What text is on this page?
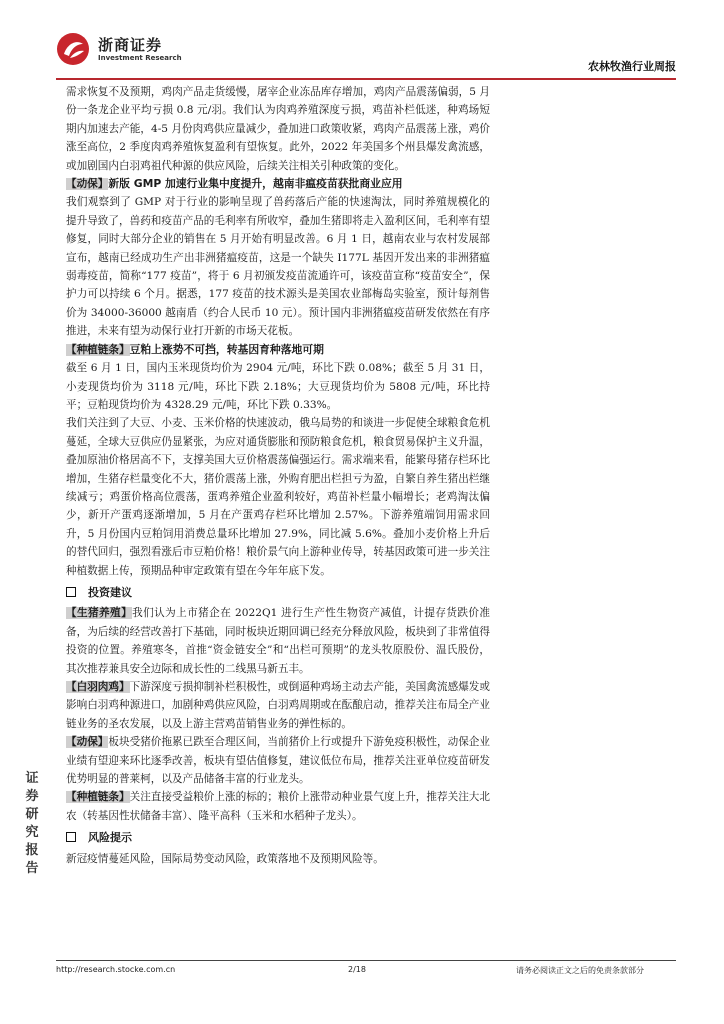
浙商证券
Investment Research
农林牧渔行业周报

需求恢复不及预期，鸡肉产品走货缓慢，屠宰企业冻品库存增加，鸡肉产品震荡偏弱，5 月份一条龙企业平均亏损 0.8 元/羽。我们认为肉鸡养殖深度亏损，鸡苗补栏低迷，种鸡场短期内加速去产能，4-5 月份肉鸡供应量减少，叠加进口政策收紧，鸡肉产品震荡上涨，鸡价涨至高位，2 季度肉鸡养殖恢复盈利有望恢复。此外，2022 年美国多个州县爆发禽流感，或加剧国内白羽鸡祖代种源的供应风险，后续关注相关引种政策的变化。

【动保】新版 GMP 加速行业集中度提升，越南非瘟疫苗获批商业应用

我们观察到了 GMP 对于行业的影响呈现了兽药落后产能的快速淘汰，同时养殖规模化的提升导致了，兽药和疫苗产品的毛利率有所收窄，叠加生猪即将走入盈利区间，毛利率有望修复，同时大部分企业的销售在 5 月开始有明显改善。6 月 1 日，越南农业与农村发展部宣布，越南已经成功生产出非洲猪瘟疫苗，这是一个缺失 I177L 基因开发出来的非洲猪瘟弱毒疫苗，简称“177 疫苗”，将于 6 月初颁发疫苗流通许可，该疫苗宣称“疫苗安全”，保护力可以持续 6 个月。据悉，177 疫苗的技术源头是美国农业部梅岛实验室，预计每剂售价为 34000-36000 越南盾（约合人民币 10 元）。预计国内非洲猪瘟疫苗研发依然在有序推进，未来有望为动保行业打开新的市场天花板。

【种植链条】豆粕上涨势不可挡，转基因育种落地可期

截至 6 月 1 日，国内玉米现货均价为 2904 元/吨，环比下跌 0.08%；截至 5 月 31 日，小麦现货均价为 3118 元/吨，环比下跌 2.18%；大豆现货均价为 5808 元/吨，环比持平；豆粕现货均价为 4328.29 元/吨，环比下跌 0.33%。

我们关注到了大豆、小麦、玉米价格的快速波动，俄乌局势的和谈进一步促使全球粮食危机蔓延，全球大豆供应仍显紧张，为应对通货膨胀和预防粮食危机，粮食贸易保护主义升温，叠加原油价格居高不下，支撑美国大豆价格震荡偏强运行。需求端来看，能繁母猪存栏环比增加，生猪存栏量变化不大，猪价震荡上涨，外购育肥出栏担亏为盈，自繁自养生猪出栏继续减亏；鸡蛋价格高位震荡，蛋鸡养殖企业盈利较好，鸡苗补栏量小幅增长；老鸡淘汰偏少，新开产蛋鸡逐渐增加，5 月在产蛋鸡存栏环比增加 2.57%。下游养殖端饲用需求回升，5 月份国内豆粕饲用消费总量环比增加 27.9%，同比减 5.6%。叠加小麦价格上升后的替代回归，强烈看涨后市豆粕价格！粮价景气向上游种业传导，转基因政策可进一步关注种植数据上传，预期品种审定政策有望在今年年底下发。

投资建议

【生猪养殖】我们认为上市猪企在 2022Q1 进行生产性生物资产减值，计提存货跌价准备，为后续的经营改善打下基础，同时板块近期回调已经充分释放风险，板块到了非常值得投资的位置。养殖寒冬，首推“资金链安全”和“出栏可预期”的龙头牧原股份、温氏股份，其次推荐兼具安全边际和成长性的二线黑马新五丰。

【白羽肉鸡】下游深度亏损抑制补栏积极性，或倒逼种鸡场主动去产能，美国禽流感爆发或影响白羽鸡种源进口，加剧种鸡供应风险，白羽鸡周期或在酝酿启动，推荐关注布局全产业链业务的圣农发展，以及上游主营鸡苗销售业务的弹性标的。

【动保】板块受猪价拖累已跌至合理区间，当前猪价上行或提升下游免疫积极性，动保企业业绩有望迎来环比逐季改善，板块有望估值修复，建议低位布局，推荐关注亚单位疫苗研发优势明显的普莱柯，以及产品储备丰富的行业龙头。

【种植链条】关注直接受益粮价上涨的标的；粮价上涨带动种业景气度上升，推荐关注大北农（转基因性状储备丰富）、隆平高科（玉米和水稻种子龙头）。

风险提示

新冠疫情蔓延风险，国际局势变动风险，政策落地不及预期风险等。

证券研究报告
http://research.stocke.com.cn	2/18	请务必阅读正文之后的免责条款部分
